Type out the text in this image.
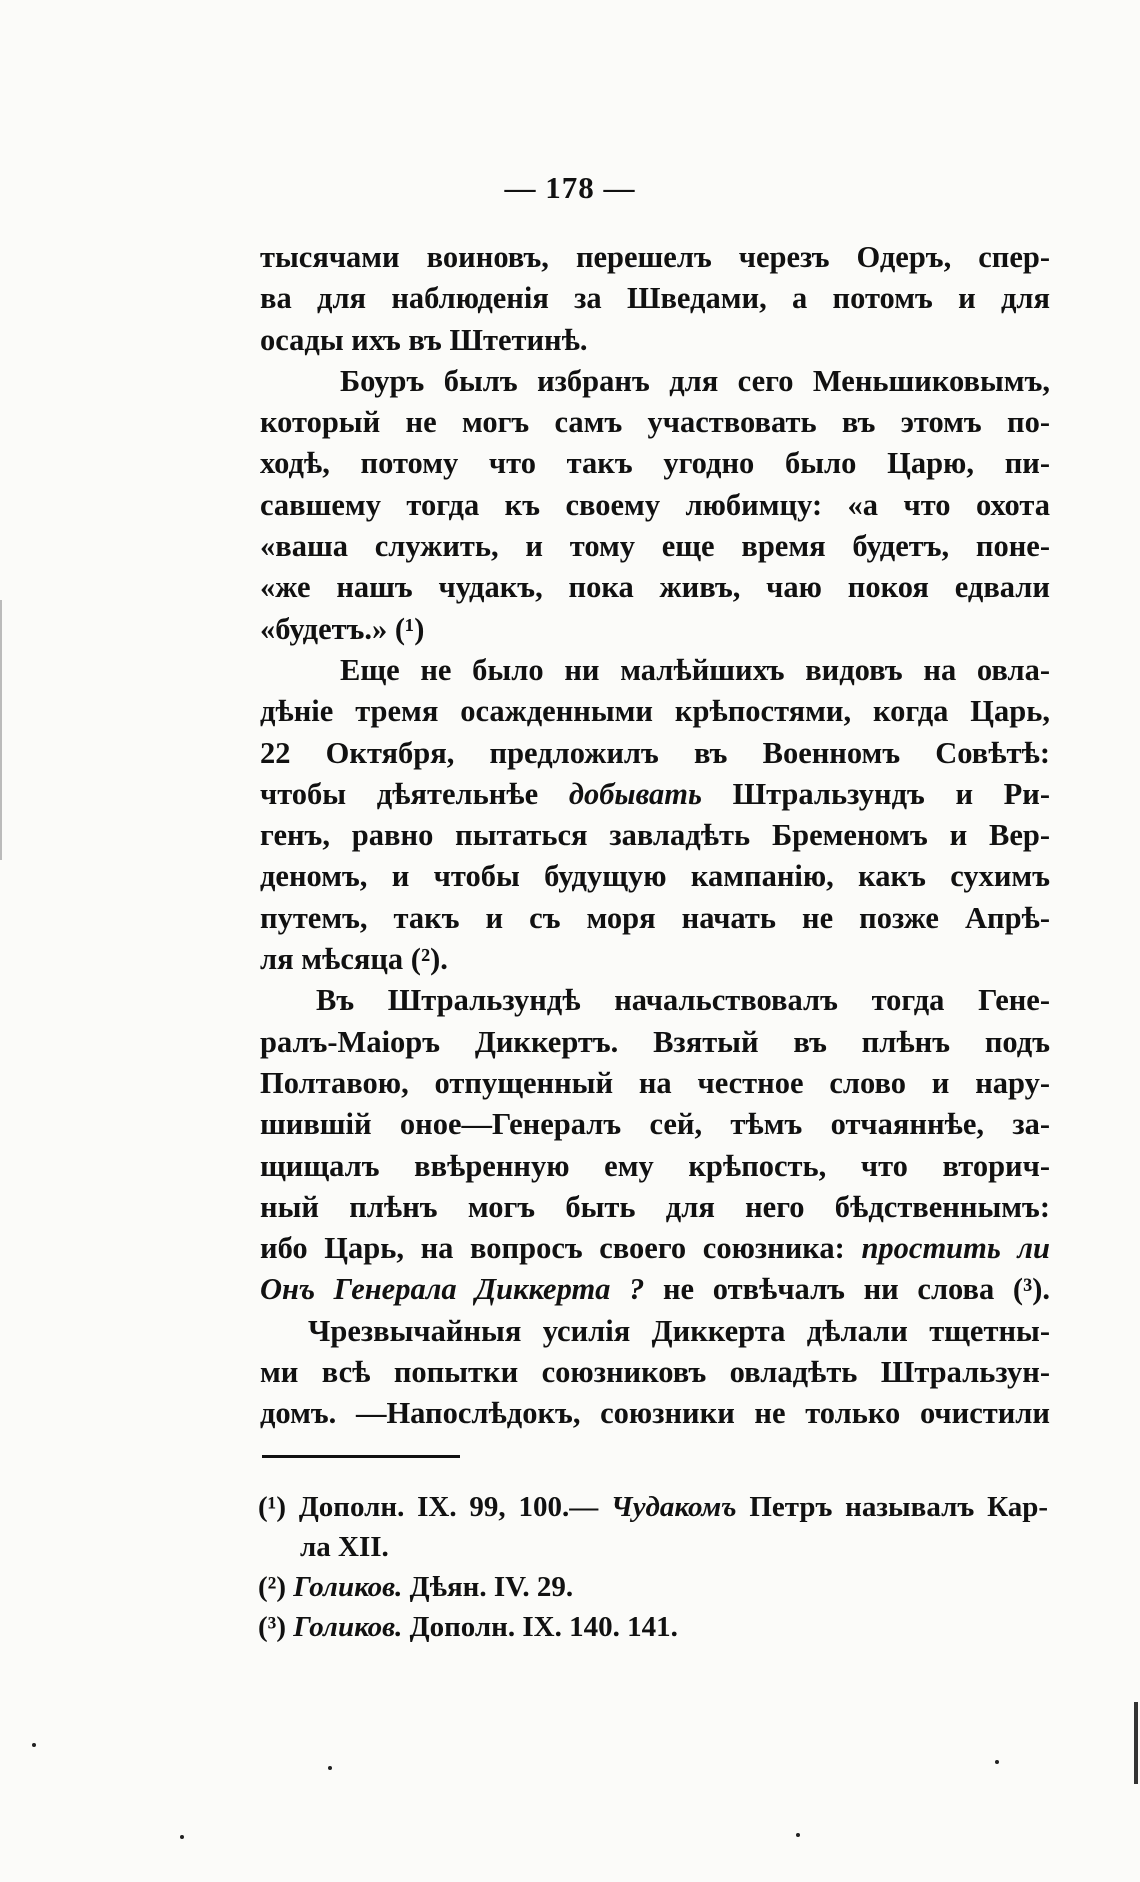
— 178 —
тысячами воиновъ, перешелъ черезъ Одеръ, спер-
ва для наблюденія за Шведами, а потомъ и для
осады ихъ въ Штетинѣ.
Боуръ былъ избранъ для сего Меньшиковымъ,
который не могъ самъ участвовать въ этомъ по-
ходѣ, потому что такъ угодно было Царю, пи-
савшему тогда къ своему любимцу: «а что охота
«ваша служить, и тому еще время будетъ, поне-
«же нашъ чудакъ, пока живъ, чаю покоя едвали
«будетъ.» (¹)
Еще не было ни малѣйшихъ видовъ на овла-
дѣніе тремя осажденными крѣпостями, когда Царь,
22 Октября, предложилъ въ Военномъ Совѣтѣ:
чтобы дѣятельнѣе добывать Штральзундъ и Ри-
генъ, равно пытаться завладѣть Бременомъ и Вер-
деномъ, и чтобы будущую кампанію, какъ сухимъ
путемъ, такъ и съ моря начать не позже Апрѣ-
ля мѣсяца (²).
Въ Штральзундѣ начальствовалъ тогда Гене-
ралъ-Маіоръ Диккертъ. Взятый въ плѣнъ подъ
Полтавою, отпущенный на честное слово и нару-
шившій оное—Генералъ сей, тѣмъ отчаяннѣе, за-
щищалъ ввѣренную ему крѣпость, что вторич-
ный плѣнъ могъ быть для него бѣдственнымъ:
ибо Царь, на вопросъ своего союзника: простить ли
Онъ Генерала Диккерта ? не отвѣчалъ ни слова (³).
Чрезвычайныя усилія Диккерта дѣлали тщетны-
ми всѣ попытки союзниковъ овладѣть Штральзун-
домъ. —Напослѣдокъ, союзники не только очистили
(¹) Дополн. IX. 99, 100.— Чудакомъ Петръ называлъ Кар-
ла XII.
(²) Голиков. Дѣян. IV. 29.
(³) Голиков. Дополн. IX. 140. 141.
